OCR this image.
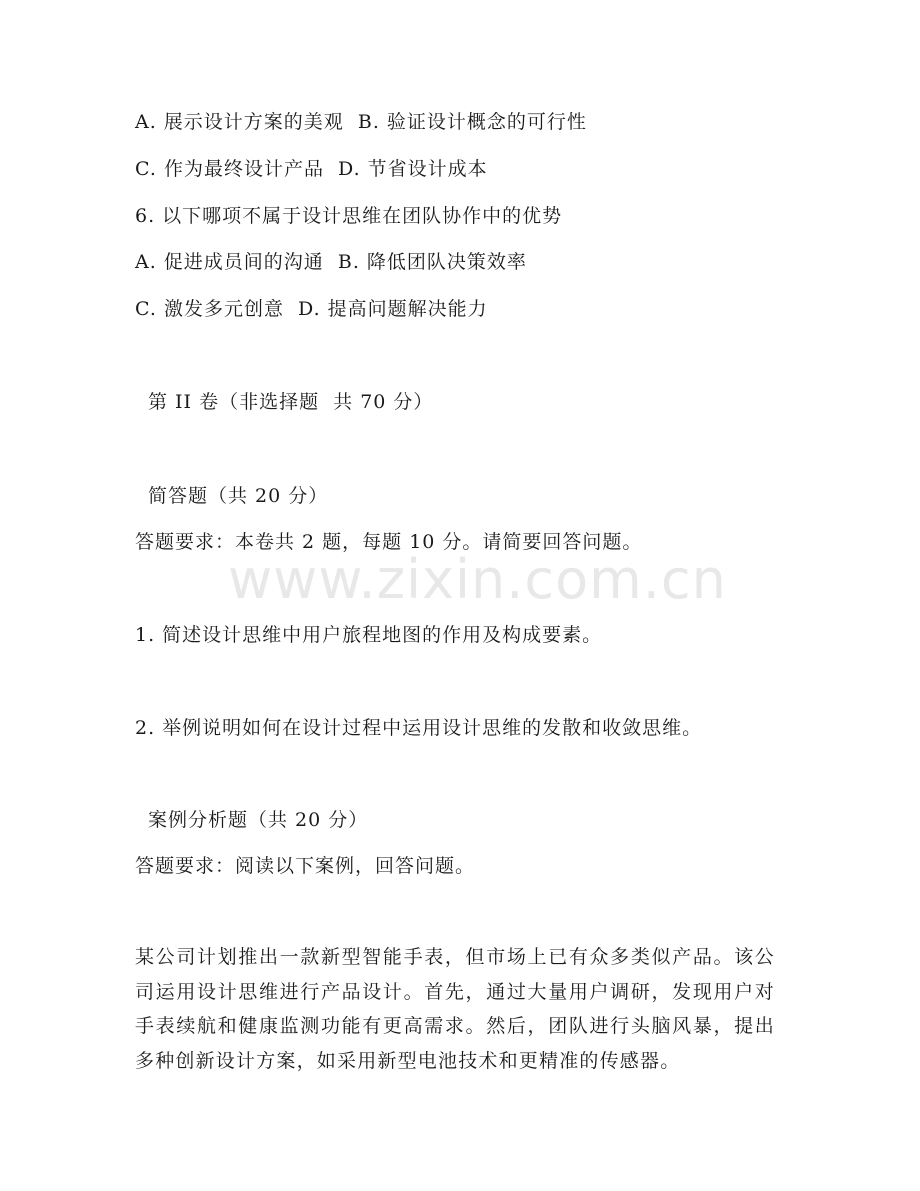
www.zixin.com.cn
A. 展示设计方案的美观  B. 验证设计概念的可行性
C. 作为最终设计产品  D. 节省设计成本
6. 以下哪项不属于设计思维在团队协作中的优势
A. 促进成员间的沟通  B. 降低团队决策效率
C. 激发多元创意  D. 提高问题解决能力
第 II 卷（非选择题  共 70 分）
简答题（共 20 分）
答题要求：本卷共 2 题，每题 10 分。请简要回答问题。
1. 简述设计思维中用户旅程地图的作用及构成要素。
2. 举例说明如何在设计过程中运用设计思维的发散和收敛思维。
案例分析题（共 20 分）
答题要求：阅读以下案例，回答问题。
某公司计划推出一款新型智能手表，但市场上已有众多类似产品。该公司运用设计思维进行产品设计。首先，通过大量用户调研，发现用户对手表续航和健康监测功能有更高需求。然后，团队进行头脑风暴，提出多种创新设计方案，如采用新型电池技术和更精准的传感器。
